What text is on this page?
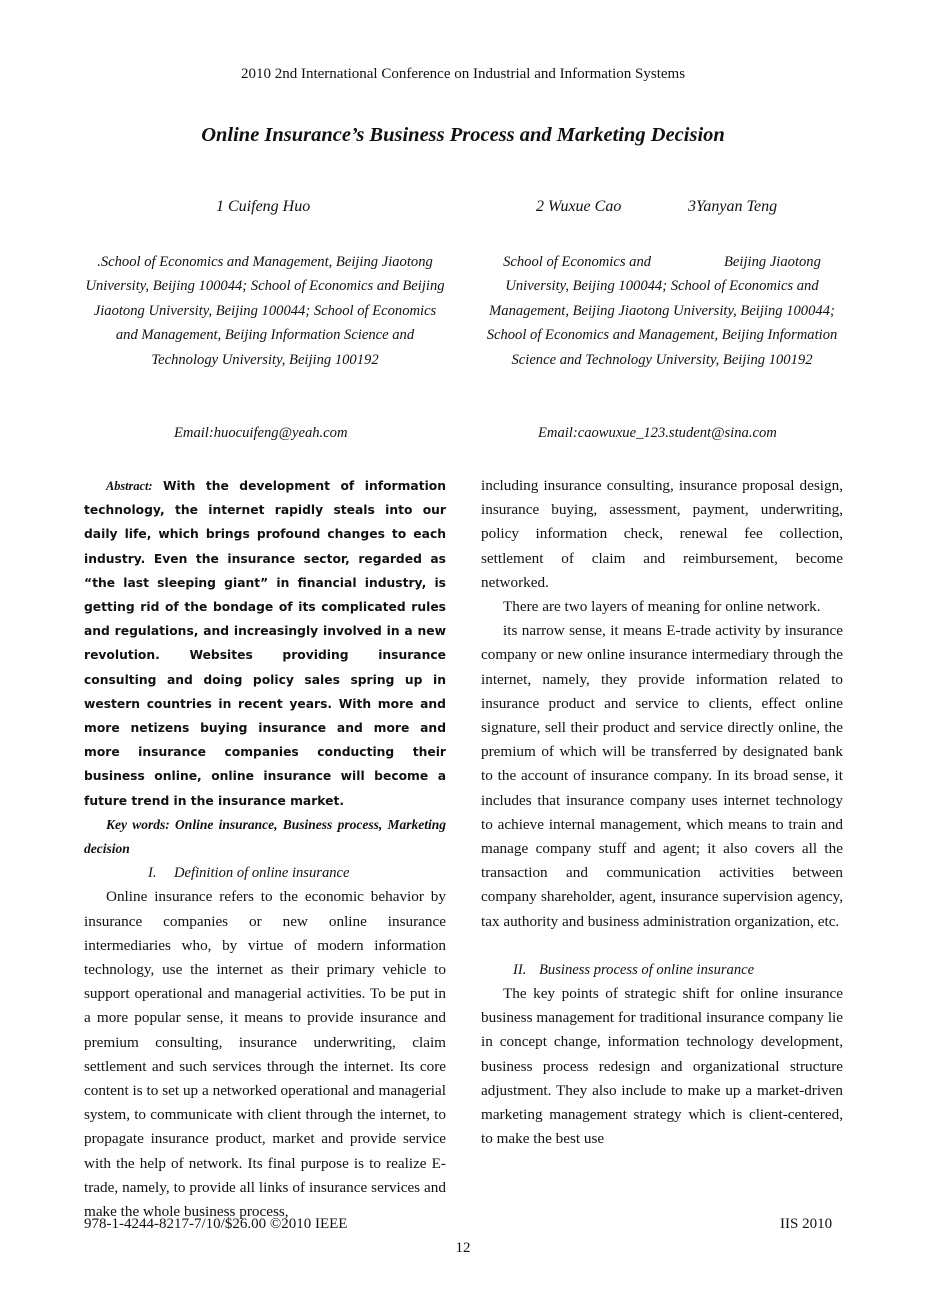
2010 2nd International Conference on Industrial and Information Systems
Online Insurance’s Business Process and Marketing Decision
1 Cuifeng Huo	2 Wuxue Cao	3Yanyan Teng
.School of Economics and Management, Beijing Jiaotong University, Beijing 100044; School of Economics and Beijing Jiaotong University, Beijing 100044; School of Economics and Management, Beijing Information Science and Technology University, Beijing 100192
School of Economics and                    Beijing Jiaotong University, Beijing 100044; School of Economics and Management, Beijing Jiaotong University, Beijing 100044; School of Economics and Management, Beijing Information Science and Technology University, Beijing 100192
Email:huocuifeng@yeah.com	Email:caowuxue_123.student@sina.com

Abstract: With the development of information technology, the internet rapidly steals into our daily life, which brings profound changes to each industry. Even the insurance sector, regarded as “the last sleeping giant” in financial industry, is getting rid of the bondage of its complicated rules and regulations, and increasingly involved in a new revolution. Websites providing insurance consulting and doing policy sales spring up in western countries in recent years. With more and more netizens buying insurance and more and more insurance companies conducting their business online, online insurance will become a future trend in the insurance market.

Key words: Online insurance, Business process, Marketing decision

I. Definition of online insurance

Online insurance refers to the economic behavior by insurance companies or new online insurance intermediaries who, by virtue of modern information technology, use the internet as their primary vehicle to support operational and managerial activities. To be put in a more popular sense, it means to provide insurance and premium consulting, insurance underwriting, claim settlement and such services through the internet. Its core content is to set up a networked operational and managerial system, to communicate with client through the internet, to propagate insurance product, market and provide service with the help of network. Its final purpose is to realize E-trade, namely, to provide all links of insurance services and make the whole business process,

including insurance consulting, insurance proposal design, insurance buying, assessment, payment, underwriting, policy information check, renewal fee collection, settlement of claim and reimbursement, become networked.

There are two layers of meaning for online network.

its narrow sense, it means E-trade activity by insurance company or new online insurance intermediary through the internet, namely, they provide information related to insurance product and service to clients, effect online signature, sell their product and service directly online, the premium of which will be transferred by designated bank to the account of insurance company. In its broad sense, it includes that insurance company uses internet technology to achieve internal management, which means to train and manage company stuff and agent; it also covers all the transaction and communication activities between company shareholder, agent, insurance supervision agency, tax authority and business administration organization, etc.

II. Business process of online insurance

The key points of strategic shift for online insurance business management for traditional insurance company lie in concept change, information technology development, business process redesign and organizational structure adjustment. They also include to make up a market-driven marketing management strategy which is client-centered, to make the best use

978-1-4244-8217-7/10/$26.00 ©2010 IEEE	IIS 2010
12
